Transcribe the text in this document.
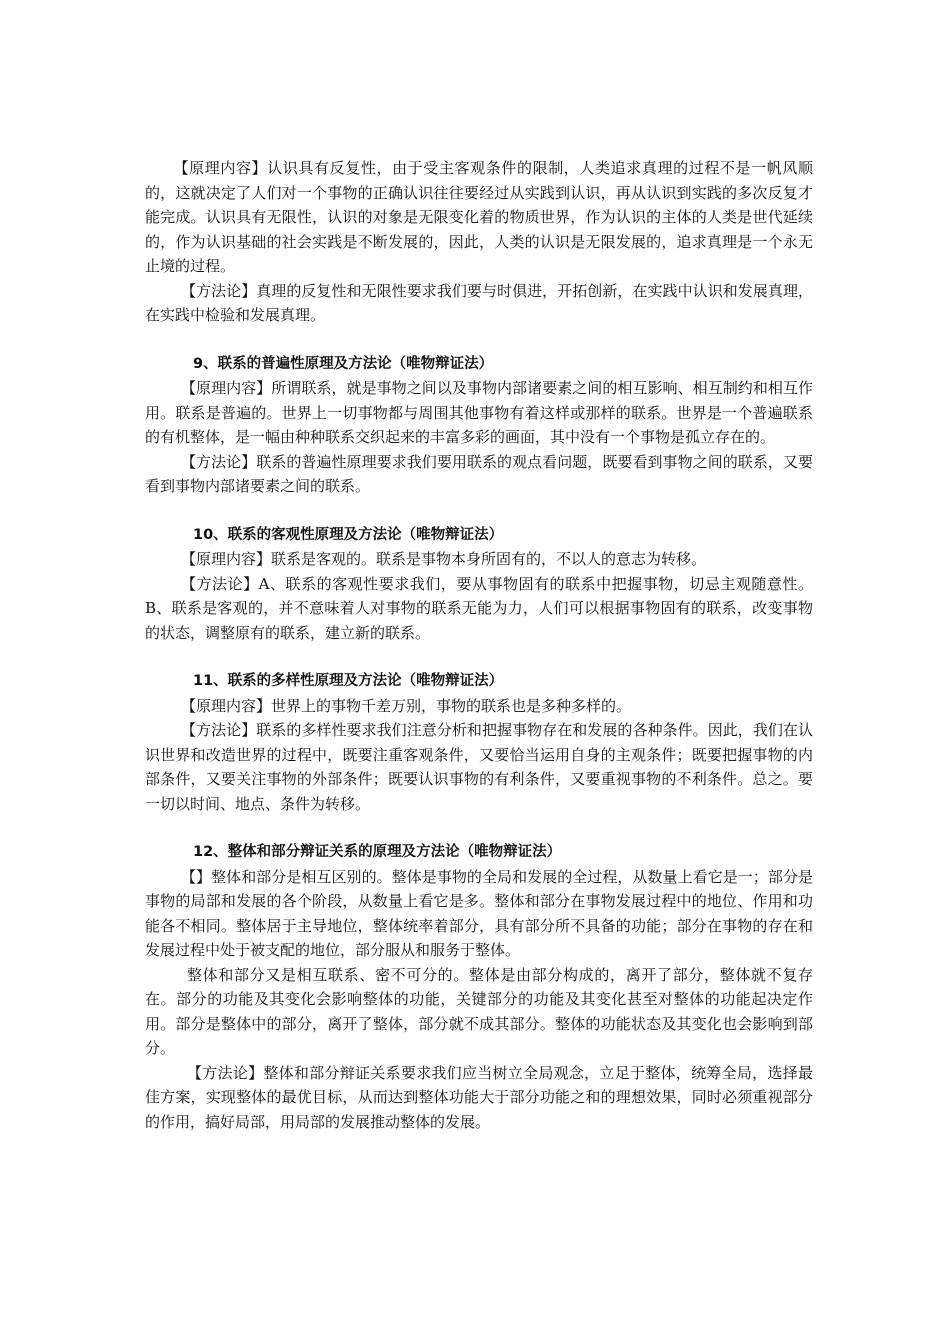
【原理内容】认识具有反复性，由于受主客观条件的限制，人类追求真理的过程不是一帆风顺的，这就决定了人们对一个事物的正确认识往往要经过从实践到认识，再从认识到实践的多次反复才能完成。认识具有无限性，认识的对象是无限变化着的物质世界，作为认识的主体的人类是世代延续的，作为认识基础的社会实践是不断发展的，因此，人类的认识是无限发展的，追求真理是一个永无止境的过程。

【方法论】真理的反复性和无限性要求我们要与时俱进，开拓创新，在实践中认识和发展真理，在实践中检验和发展真理。

9、联系的普遍性原理及方法论（唯物辩证法）

【原理内容】所谓联系，就是事物之间以及事物内部诸要素之间的相互影响、相互制约和相互作用。联系是普遍的。世界上一切事物都与周围其他事物有着这样或那样的联系。世界是一个普遍联系的有机整体，是一幅由种种联系交织起来的丰富多彩的画面，其中没有一个事物是孤立存在的。

【方法论】联系的普遍性原理要求我们要用联系的观点看问题，既要看到事物之间的联系，又要看到事物内部诸要素之间的联系。

10、联系的客观性原理及方法论（唯物辩证法）

【原理内容】联系是客观的。联系是事物本身所固有的，不以人的意志为转移。

【方法论】A、联系的客观性要求我们，要从事物固有的联系中把握事物，切忌主观随意性。B、联系是客观的，并不意味着人对事物的联系无能为力，人们可以根据事物固有的联系，改变事物的状态，调整原有的联系，建立新的联系。

11、联系的多样性原理及方法论（唯物辩证法）

【原理内容】世界上的事物千差万别，事物的联系也是多种多样的。

【方法论】联系的多样性要求我们注意分析和把握事物存在和发展的各种条件。因此，我们在认识世界和改造世界的过程中，既要注重客观条件，又要恰当运用自身的主观条件；既要把握事物的内部条件，又要关注事物的外部条件；既要认识事物的有利条件，又要重视事物的不利条件。总之。要一切以时间、地点、条件为转移。

12、整体和部分辩证关系的原理及方法论（唯物辩证法）

【】整体和部分是相互区别的。整体是事物的全局和发展的全过程，从数量上看它是一；部分是事物的局部和发展的各个阶段，从数量上看它是多。整体和部分在事物发展过程中的地位、作用和功能各不相同。整体居于主导地位，整体统率着部分，具有部分所不具备的功能；部分在事物的存在和发展过程中处于被支配的地位，部分服从和服务于整体。

整体和部分又是相互联系、密不可分的。整体是由部分构成的，离开了部分，整体就不复存在。部分的功能及其变化会影响整体的功能，关键部分的功能及其变化甚至对整体的功能起决定作用。部分是整体中的部分，离开了整体，部分就不成其部分。整体的功能状态及其变化也会影响到部分。

【方法论】整体和部分辩证关系要求我们应当树立全局观念，立足于整体，统筹全局，选择最佳方案，实现整体的最优目标，从而达到整体功能大于部分功能之和的理想效果，同时必须重视部分的作用，搞好局部，用局部的发展推动整体的发展。
